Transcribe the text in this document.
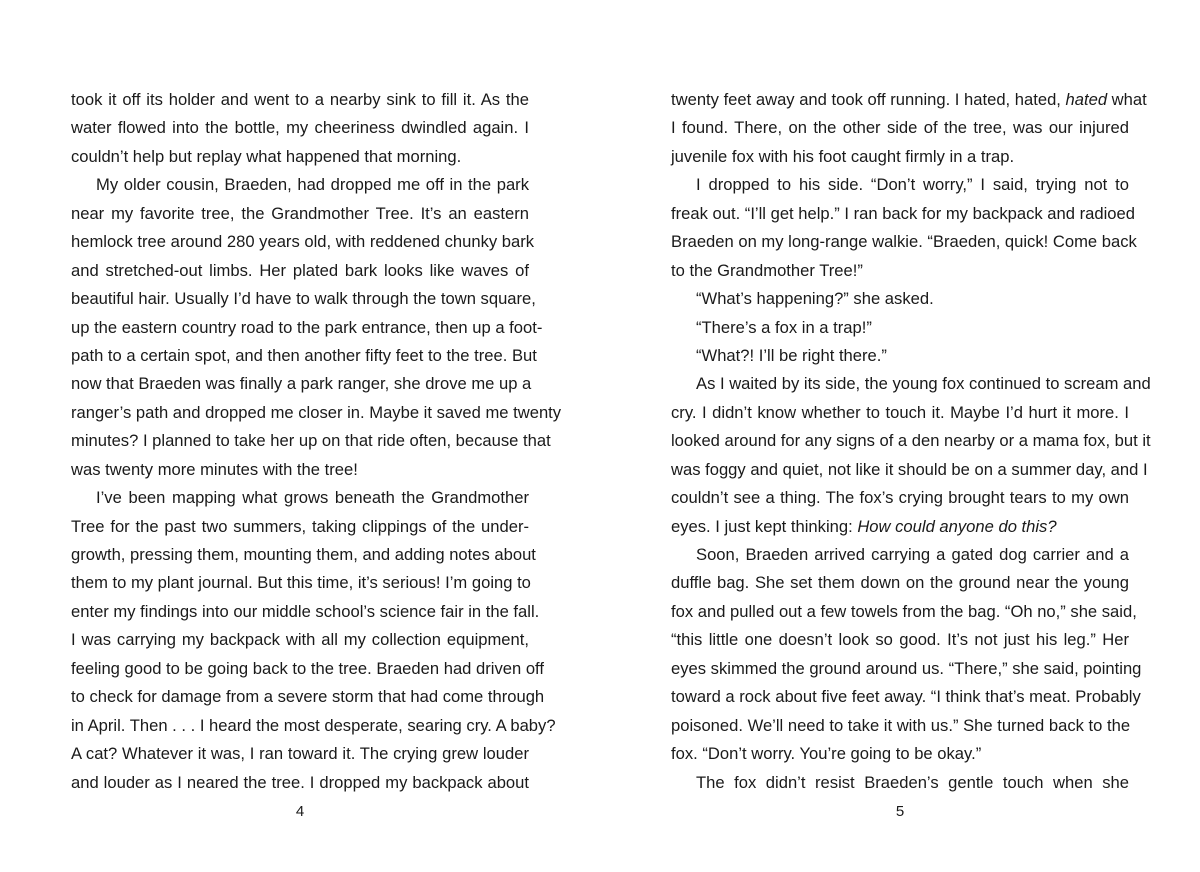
took it off its holder and went to a nearby sink to fill it. As the
water flowed into the bottle, my cheeriness dwindled again. I
couldn’t help but replay what happened that morning.
My older cousin, Braeden, had dropped me off in the park
near my favorite tree, the Grandmother Tree. It’s an eastern
hemlock tree around 280 years old, with reddened chunky bark
and stretched-out limbs. Her plated bark looks like waves of
beautiful hair. Usually I’d have to walk through the town square,
up the eastern country road to the park entrance, then up a foot-
path to a certain spot, and then another fifty feet to the tree. But
now that Braeden was finally a park ranger, she drove me up a
ranger’s path and dropped me closer in. Maybe it saved me twenty
minutes? I planned to take her up on that ride often, because that
was twenty more minutes with the tree!
I’ve been mapping what grows beneath the Grandmother
Tree for the past two summers, taking clippings of the under-
growth, pressing them, mounting them, and adding notes about
them to my plant journal. But this time, it’s serious! I’m going to
enter my findings into our middle school’s science fair in the fall.
I was carrying my backpack with all my collection equipment,
feeling good to be going back to the tree. Braeden had driven off
to check for damage from a severe storm that had come through
in April. Then . . . I heard the most desperate, searing cry. A baby?
A cat? Whatever it was, I ran toward it. The crying grew louder
and louder as I neared the tree. I dropped my backpack about
4
twenty feet away and took off running. I hated, hated, hated what
I found. There, on the other side of the tree, was our injured
juvenile fox with his foot caught firmly in a trap.
I dropped to his side. “Don’t worry,” I said, trying not to
freak out. “I’ll get help.” I ran back for my backpack and radioed
Braeden on my long-range walkie. “Braeden, quick! Come back
to the Grandmother Tree!”
“What’s happening?” she asked.
“There’s a fox in a trap!”
“What?! I’ll be right there.”
As I waited by its side, the young fox continued to scream and
cry. I didn’t know whether to touch it. Maybe I’d hurt it more. I
looked around for any signs of a den nearby or a mama fox, but it
was foggy and quiet, not like it should be on a summer day, and I
couldn’t see a thing. The fox’s crying brought tears to my own
eyes. I just kept thinking: How could anyone do this?
Soon, Braeden arrived carrying a gated dog carrier and a
duffle bag. She set them down on the ground near the young
fox and pulled out a few towels from the bag. “Oh no,” she said,
“this little one doesn’t look so good. It’s not just his leg.” Her
eyes skimmed the ground around us. “There,” she said, pointing
toward a rock about five feet away. “I think that’s meat. Probably
poisoned. We’ll need to take it with us.” She turned back to the
fox. “Don’t worry. You’re going to be okay.”
The fox didn’t resist Braeden’s gentle touch when she
5
